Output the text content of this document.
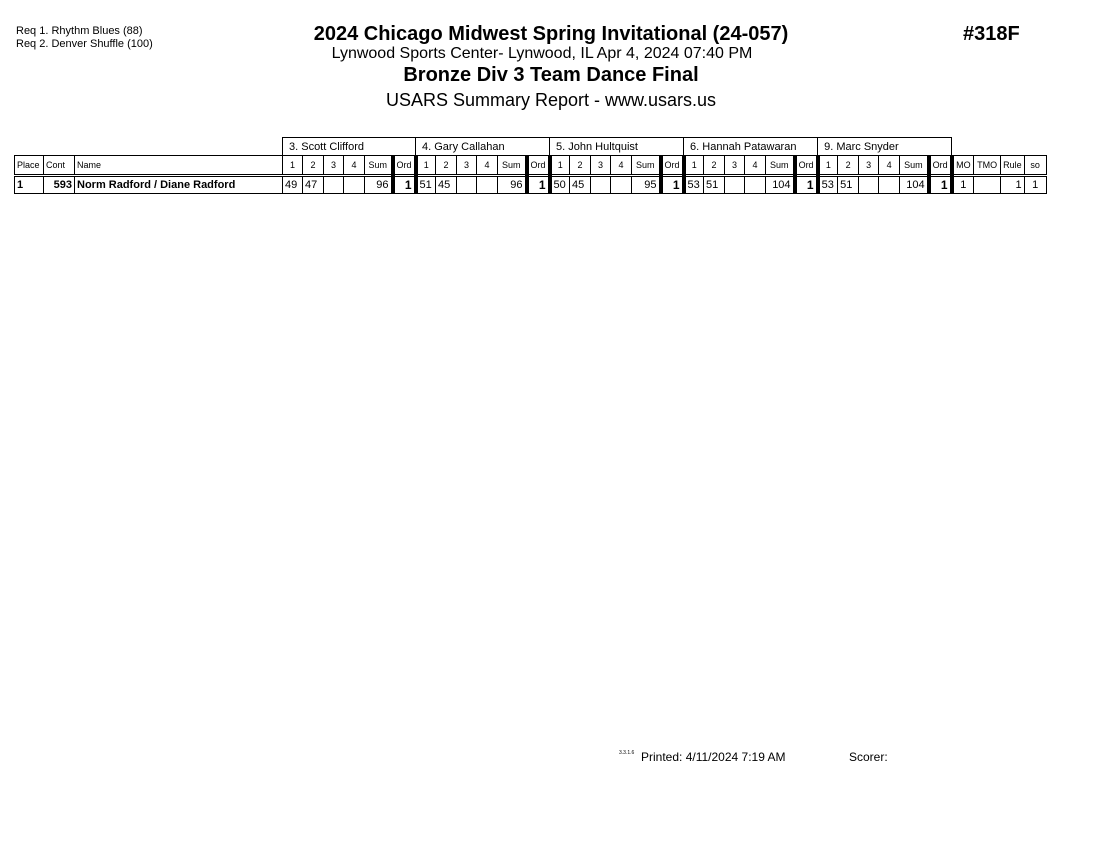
Req 1. Rhythm Blues (88)
Req 2. Denver Shuffle (100)	2024 Chicago Midwest Spring Invitational (24-057)
Lynwood Sports Center- Lynwood, IL Apr 4, 2024 07:40 PM
Bronze Div 3 Team Dance Final
USARS Summary Report - www.usars.us
#318F
			3. Scott Clifford						4. Gary Callahan						5. John Hultquist						6. Hannah Patawaran						9. Marc Snyder									
Place	Cont	Name	1	2	3	4	Sum	Ord	1	2	3	4	Sum	Ord	1	2	3	4	Sum	Ord	1	2	3	4	Sum	Ord	1	2	3	4	Sum	Ord	MO	TMO	Rule	so
1	593	Norm Radford / Diane Radford	49	47			96	1	51	45			96	1	50	45			95	1	53	51			104	1	53	51			104	1	1		1	1
3.3.1.6 Printed: 4/11/2024 7:19 AM	Scorer:
